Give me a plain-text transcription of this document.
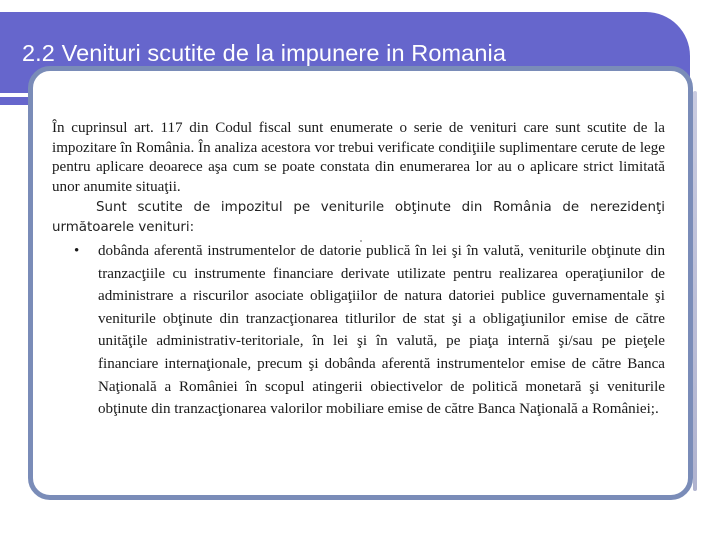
2.2 Venituri scutite de la impunere in Romania

În cuprinsul art. 117 din Codul fiscal sunt enumerate o serie de venituri care sunt scutite de la impozitare în România. În analiza acestora vor trebui verificate condiţiile suplimentare cerute de lege pentru aplicare deoarece aşa cum se poate constata din enumerarea lor au o aplicare strict limitată unor anumite situaţii.

Sunt scutite de impozitul pe veniturile obţinute din România de nerezidenţi următoarele venituri:

•	dobânda aferentă instrumentelor de datorie publică în lei şi în valută, veniturile obţinute din tranzacţiile cu instrumente financiare derivate utilizate pentru realizarea operaţiunilor de administrare a riscurilor asociate obligaţiilor de natura datoriei publice guvernamentale şi veniturile obţinute din tranzacţionarea titlurilor de stat şi a obligaţiunilor emise de către unităţile administrativ-teritoriale, în lei şi în valută, pe piaţa internă şi/sau pe pieţele financiare internaţionale, precum şi dobânda aferentă instrumentelor emise de către Banca Naţională a României în scopul atingerii obiectivelor de politică monetară şi veniturile obţinute din tranzacţionarea valorilor mobiliare emise de către Banca Naţională a României;.
